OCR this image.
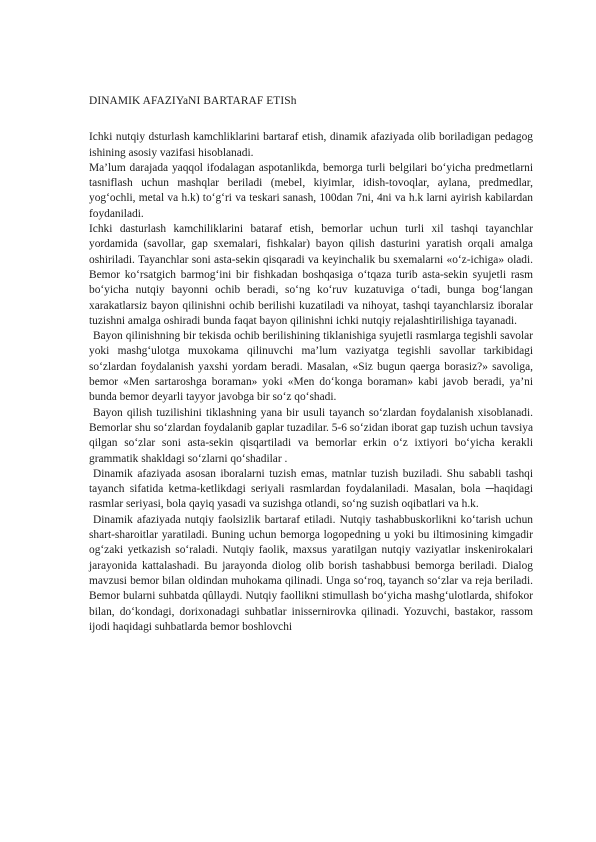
DINAMIK AFAZIYaNI BARTARAF ETISh

Ichki nutqiy dsturlash kamchliklarini bartaraf etish, dinamik afaziyada olib boriladigan pedagog ishining asosiy vazifasi hisoblanadi.

Ma’lum darajada yaqqol ifodalagan aspotanlikda, bemorga turli belgilari bo‘yicha predmetlarni tasniflash uchun mashqlar beriladi (mebel, kiyimlar, idish-tovoqlar, aylana, predmedlar, yog‘ochli, metal va h.k) to‘g‘ri va teskari sanash, 100dan 7ni, 4ni va h.k larni ayirish kabilardan foydaniladi.

Ichki dasturlash kamchiliklarini bataraf etish, bemorlar uchun turli xil tashqi tayanchlar yordamida (savollar, gap sxemalari, fishkalar) bayon qilish dasturini yaratish orqali amalga oshiriladi. Tayanchlar soni asta-sekin qisqaradi va keyinchalik bu sxemalarni «o‘z-ichiga» oladi. Bemor ko‘rsatgich barmog‘ini bir fishkadan boshqasiga o‘tqaza turib asta-sekin syujetli rasm bo‘yicha nutqiy bayonni ochib beradi, so‘ng ko‘ruv kuzatuviga o‘tadi, bunga bog‘langan xarakatlarsiz bayon qilinishni ochib berilishi kuzatiladi va nihoyat, tashqi tayanchlarsiz iboralar tuzishni amalga oshiradi bunda faqat bayon qilinishni ichki nutqiy rejalashtirilishiga tayanadi.

Bayon qilinishning bir tekisda ochib berilishining tiklanishiga syujetli rasmlarga tegishli savolar yoki mashg‘ulotga muxokama qilinuvchi ma’lum vaziyatga tegishli savollar tarkibidagi so‘zlardan foydalanish yaxshi yordam beradi. Masalan, «Siz bugun qaerga borasiz?» savoliga, bemor «Men sartaroshga boraman» yoki «Men do‘konga boraman» kabi javob beradi, ya’ni bunda bemor deyarli tayyor javobga bir so‘z qo‘shadi.

Bayon qilish tuzilishini tiklashning yana bir usuli tayanch so‘zlardan foydalanish xisoblanadi. Bemorlar shu so‘zlardan foydalanib gaplar tuzadilar. 5-6 so‘zidan iborat gap tuzish uchun tavsiya qilgan so‘zlar soni asta-sekin qisqartiladi va bemorlar erkin o‘z ixtiyori bo‘yicha kerakli grammatik shakldagi so‘zlarni qo‘shadilar .

Dinamik afaziyada asosan iboralarni tuzish emas, matnlar tuzish buziladi. Shu sababli tashqi tayanch sifatida ketma-ketlikdagi seriyali rasmlardan foydalaniladi. Masalan, bola ─haqidagi rasmlar seriyasi, bola qayiq yasadi va suzishga otlandi, so‘ng suzish oqibatlari va h.k.

Dinamik afaziyada nutqiy faolsizlik bartaraf etiladi. Nutqiy tashabbuskorlikni ko‘tarish uchun shart-sharoitlar yaratiladi. Buning uchun bemorga logopedning u yoki bu iltimosining kimgadir og‘zaki yetkazish so‘raladi. Nutqiy faolik, maxsus yaratilgan nutqiy vaziyatlar inskenirokalari jarayonida kattalashadi. Bu jarayonda diolog olib borish tashabbusi bemorga beriladi. Dialog mavzusi bemor bilan oldindan muhokama qilinadi. Unga so‘roq, tayanch so‘zlar va reja beriladi. Bemor bularni suhbatda qûllaydi. Nutqiy faollikni stimullash bo‘yicha mashg‘ulotlarda, shifokor bilan, do‘kondagi, dorixonadagi suhbatlar inissernirovka qilinadi. Yozuvchi, bastakor, rassom ijodi haqidagi suhbatlarda bemor boshlovchi
